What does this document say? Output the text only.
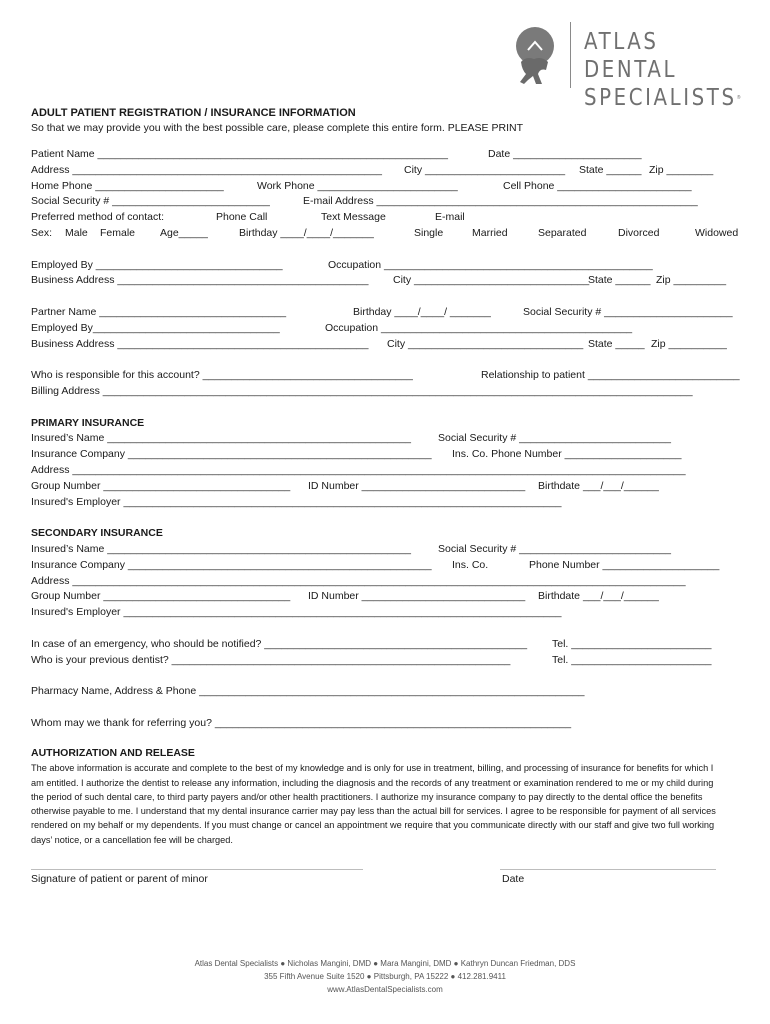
ATLAS DENTAL
SPECIALISTS®
ADULT PATIENT REGISTRATION / INSURANCE INFORMATION
So that we may provide you with the best possible care, please complete this entire form. PLEASE PRINT
Patient Name ____________________________________________________________	Date ______________________
Address _____________________________________________________ City ________________________ State ______ Zip ________
Home Phone ______________________	Work Phone ________________________	Cell Phone _______________________
Social Security # ___________________________	E-mail Address _______________________________________________________
Preferred method of contact:	Phone Call	Text Message	E-mail
Sex: Male Female Age_____	Birthday ____/____/_______	Single	Married	Separated	Divorced	Widowed
Employed By ________________________________	Occupation ______________________________________________
Business Address ___________________________________________ City ______________________________
State ______ Zip _________
Partner Name ________________________________	Birthday ____/____/ _______	Social Security # ______________________
Employed By________________________________	Occupation ___________________________________________
Business Address ___________________________________________ City ______________________________ State _____ Zip __________
Who is responsible for this account? ____________________________________	Relationship to patient __________________________
Billing Address _____________________________________________________________________________________________________
PRIMARY INSURANCE
Insured’s Name ____________________________________________________	Social Security # __________________________
Insurance Company ____________________________________________________ Ins. Co. Phone Number ____________________
Address _________________________________________________________________________________________________________
Group Number ________________________________ ID Number ____________________________ Birthdate ___/___/______
Insured's Employer ___________________________________________________________________________
SECONDARY INSURANCE
Insured’s Name ____________________________________________________	Social Security # __________________________
Insurance Company ____________________________________________________ Ins. Co.	Phone Number ____________________
Address _________________________________________________________________________________________________________
Group Number ________________________________ ID Number ____________________________ Birthdate ___/___/______
Insured's Employer ___________________________________________________________________________
In case of an emergency, who should be notified? _____________________________________________ Tel. ________________________
Who is your previous dentist? __________________________________________________________	Tel. ________________________
Pharmacy Name, Address & Phone __________________________________________________________________
Whom may we thank for referring you? _____________________________________________________________
AUTHORIZATION AND RELEASE
The above information is accurate and complete to the best of my knowledge and is only for use in treatment, billing, and processing of insurance for benefits for which I am entitled. I authorize the dentist to release any information, including the diagnosis and the records of any treatment or examination rendered to me or my child during the period of such dental care, to third party payers and/or other health practitioners. I authorize my insurance company to pay directly to the dental office the benefits otherwise payable to me. I understand that my dental insurance carrier may pay less than the actual bill for services. I agree to be responsible for payment of all services rendered on my behalf or my dependents. If you must change or cancel an appointment we require that you communicate directly with our staff and give two full working days’ notice, or a cancellation fee will be charged.
Signature of patient or parent of minor	Date
Atlas Dental Specialists ● Nicholas Mangini, DMD ● Mara Mangini, DMD ● Kathryn Duncan Friedman, DDS
355 Fifth Avenue Suite 1520 ● Pittsburgh, PA 15222 ● 412.281.9411
www.AtlasDentalSpecialists.com
